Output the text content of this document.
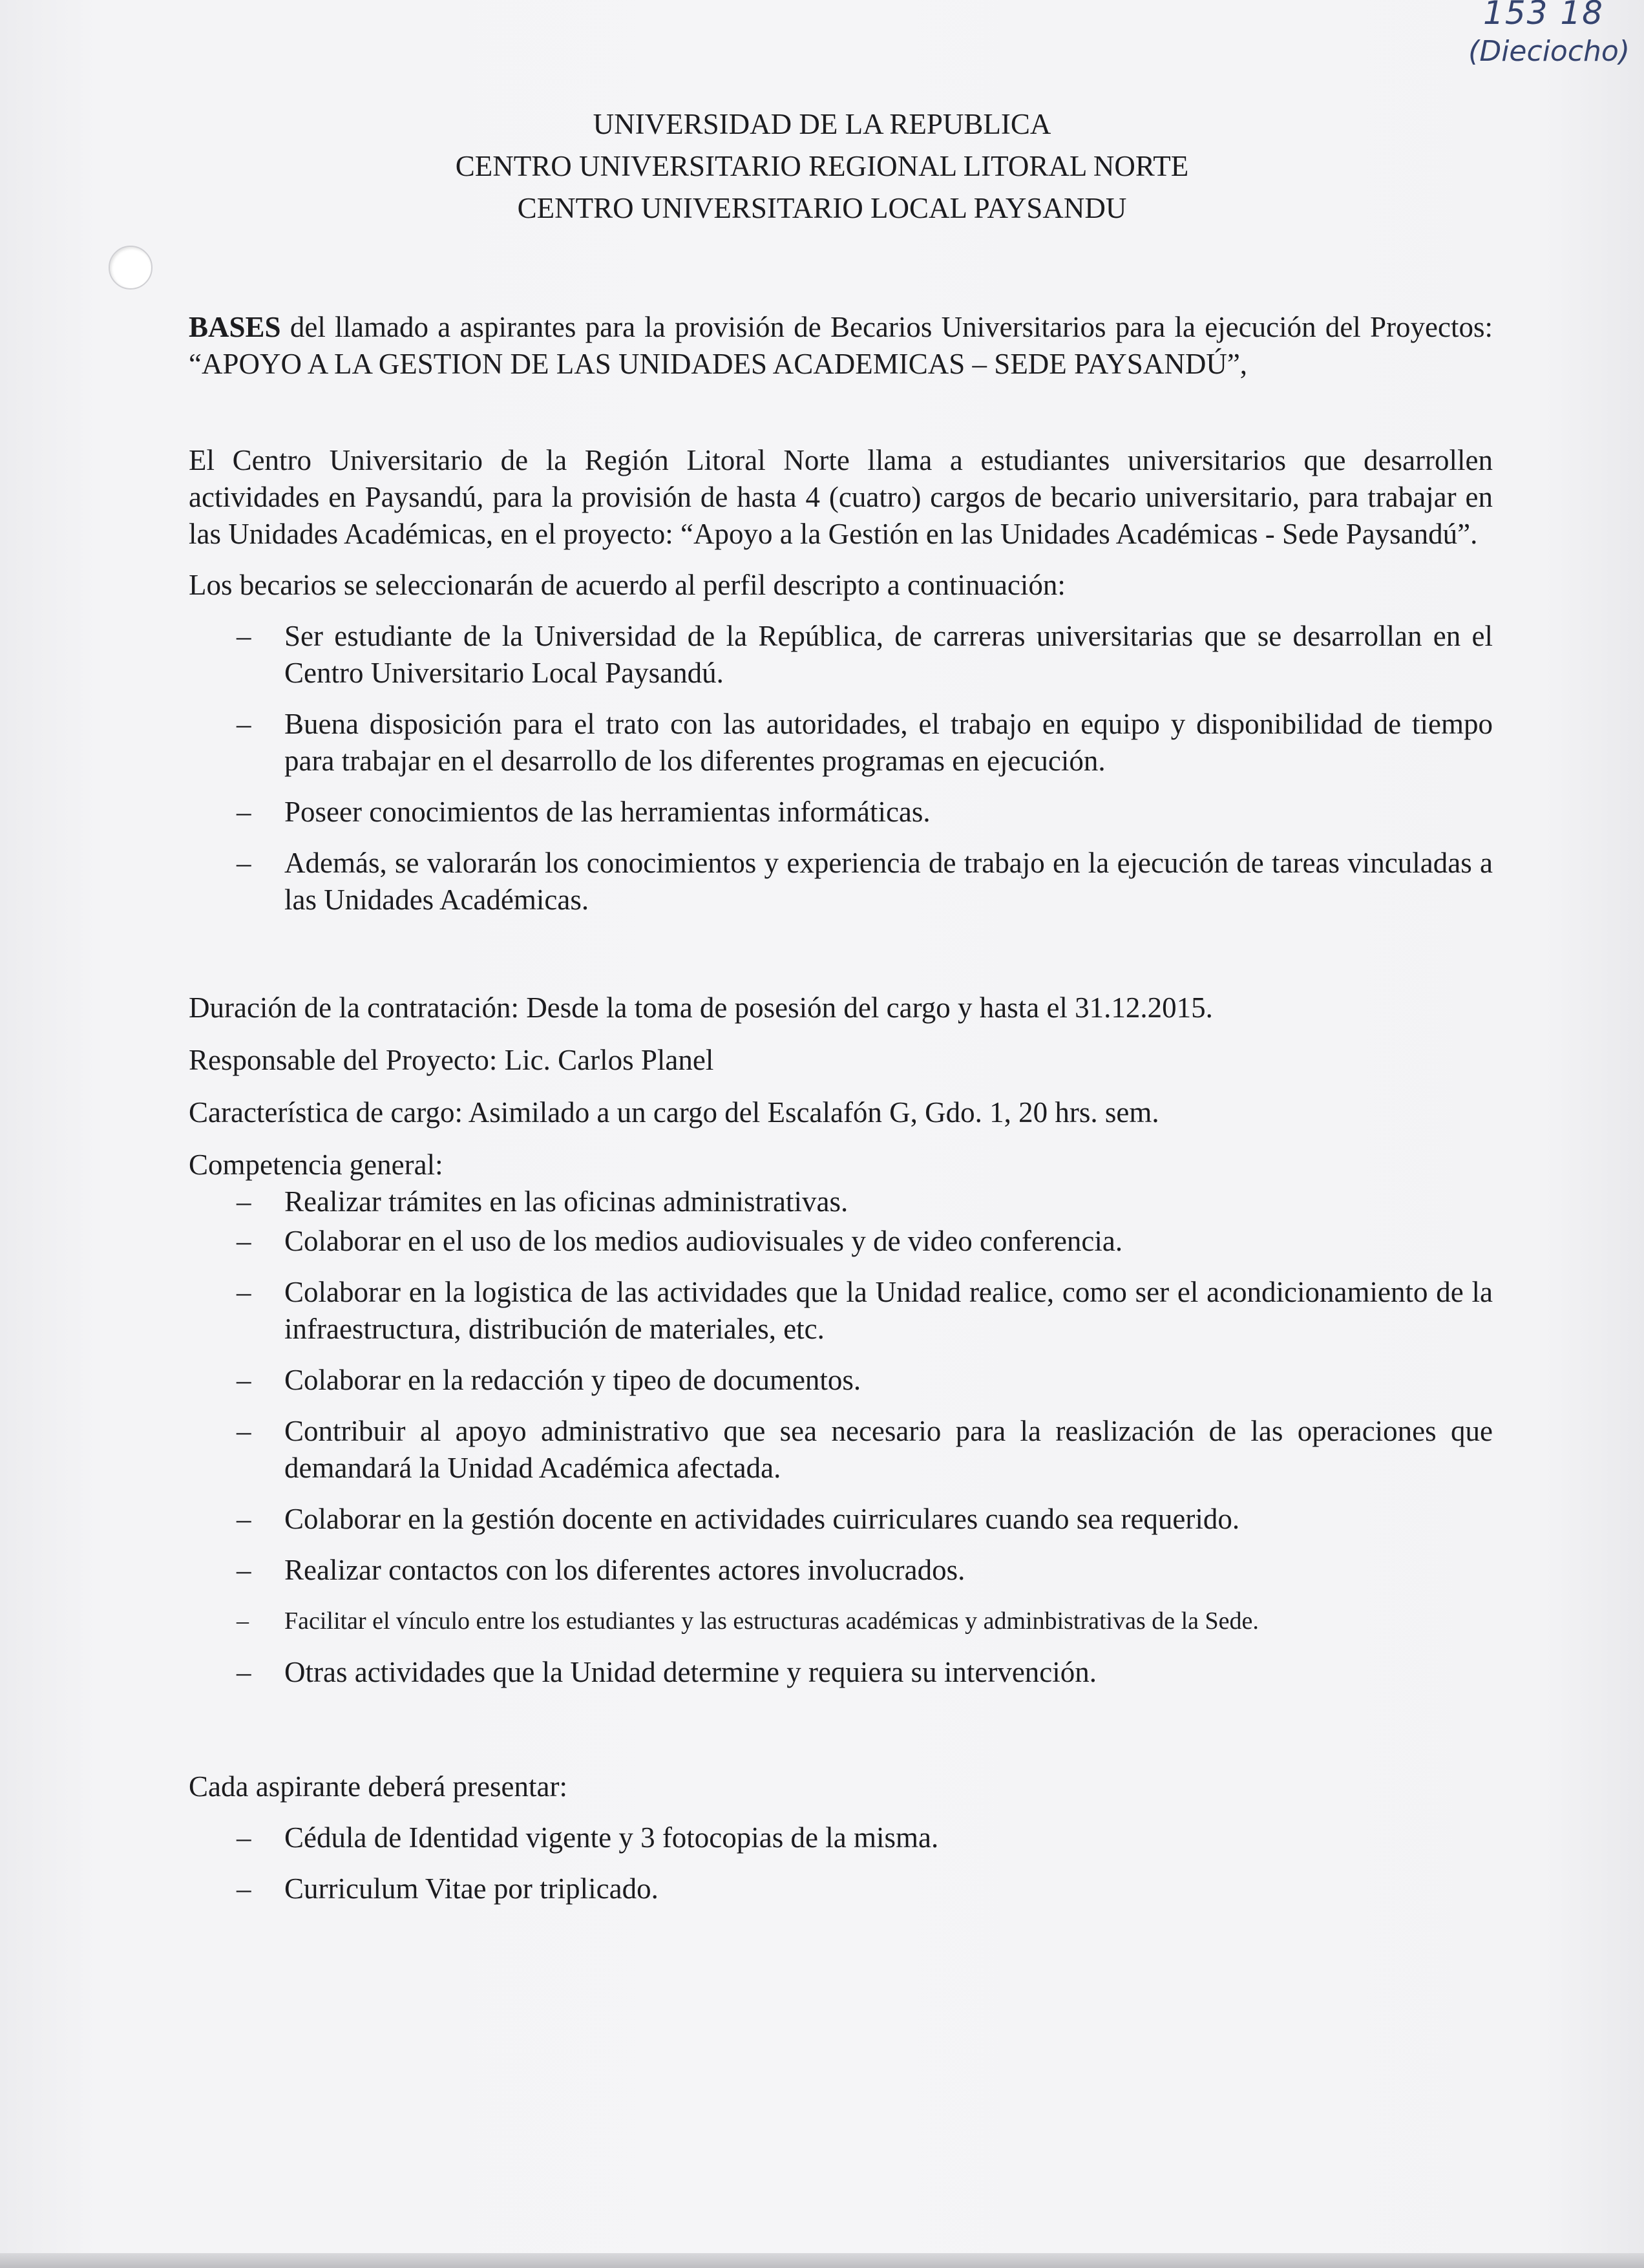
153 18
(Dieciocho)
UNIVERSIDAD DE LA REPUBLICA
CENTRO UNIVERSITARIO REGIONAL LITORAL NORTE
CENTRO UNIVERSITARIO LOCAL PAYSANDU

BASES del llamado a aspirantes para la provisión de Becarios Universitarios para la ejecución del Proyectos: “APOYO A LA GESTION DE LAS UNIDADES ACADEMICAS – SEDE PAYSANDÚ”,

El Centro Universitario de la Región Litoral Norte llama a estudiantes universitarios que desarrollen actividades en Paysandú, para la provisión de hasta 4 (cuatro) cargos de becario universitario, para trabajar en las Unidades Académicas, en el proyecto: “Apoyo a la Gestión en las Unidades Académicas - Sede Paysandú”.

Los becarios se seleccionarán de acuerdo al perfil descripto a continuación:

– Ser estudiante de la Universidad de la República, de carreras universitarias que se desarrollan en el Centro Universitario Local Paysandú.
– Buena disposición para el trato con las autoridades, el trabajo en equipo y disponibilidad de tiempo para trabajar en el desarrollo de los diferentes programas en ejecución.
– Poseer conocimientos de las herramientas informáticas.
– Además, se valorarán los conocimientos y experiencia de trabajo en la ejecución de tareas vinculadas a las Unidades Académicas.

Duración de la contratación: Desde la toma de posesión del cargo y hasta el 31.12.2015.

Responsable del Proyecto: Lic. Carlos Planel

Característica de cargo: Asimilado a un cargo del Escalafón G, Gdo. 1, 20 hrs. sem.

Competencia general:

– Realizar trámites en las oficinas administrativas.
– Colaborar en el uso de los medios audiovisuales y de video conferencia.
– Colaborar en la logistica de las actividades que la Unidad realice, como ser el acondicionamiento de la infraestructura, distribución de materiales, etc.
– Colaborar en la redacción y tipeo de documentos.
– Contribuir al apoyo administrativo que sea necesario para la reaslización de las operaciones que demandará la Unidad Académica afectada.
– Colaborar en la gestión docente en actividades cuirriculares cuando sea requerido.
– Realizar contactos con los diferentes actores involucrados.
– Facilitar el vínculo entre los estudiantes y las estructuras académicas y adminbistrativas de la Sede.
– Otras actividades que la Unidad determine y requiera su intervención.

Cada aspirante deberá presentar:

– Cédula de Identidad vigente y 3 fotocopias de la misma.
– Curriculum Vitae por triplicado.
